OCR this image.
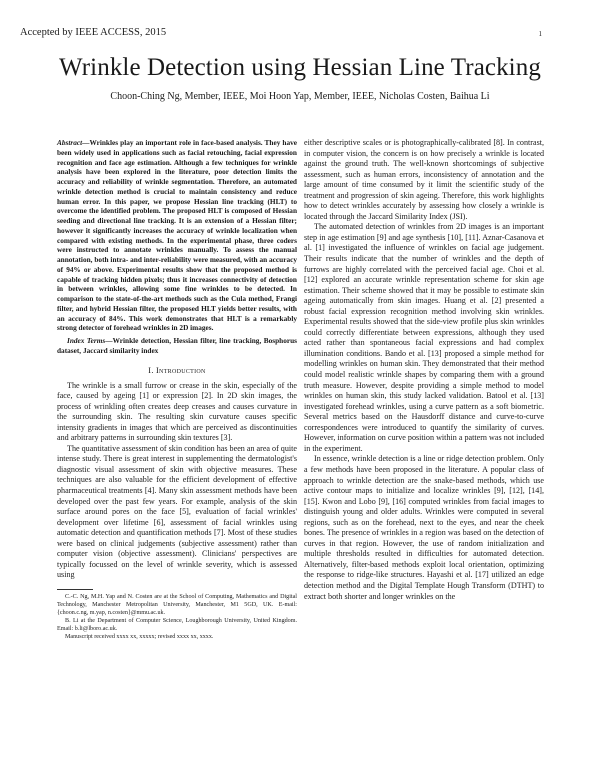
Accepted by IEEE ACCESS, 2015	1
Wrinkle Detection using Hessian Line Tracking
Choon-Ching Ng, Member, IEEE, Moi Hoon Yap, Member, IEEE, Nicholas Costen, Baihua Li
Abstract—Wrinkles play an important role in face-based analysis. They have been widely used in applications such as facial retouching, facial expression recognition and face age estimation. Although a few techniques for wrinkle analysis have been explored in the literature, poor detection limits the accuracy and reliability of wrinkle segmentation. Therefore, an automated wrinkle detection method is crucial to maintain consistency and reduce human error. In this paper, we propose Hessian line tracking (HLT) to overcome the identified problem. The proposed HLT is composed of Hessian seeding and directional line tracking. It is an extension of a Hessian filter; however it significantly increases the accuracy of wrinkle localization when compared with existing methods. In the experimental phase, three coders were instructed to annotate wrinkles manually. To assess the manual annotation, both intra- and inter-reliability were measured, with an accuracy of 94% or above. Experimental results show that the proposed method is capable of tracking hidden pixels; thus it increases connectivity of detection in between wrinkles, allowing some fine wrinkles to be detected. In comparison to the state-of-the-art methods such as the Cula method, Frangi filter, and hybrid Hessian filter, the proposed HLT yields better results, with an accuracy of 84%. This work demonstrates that HLT is a remarkably strong detector of forehead wrinkles in 2D images.
Index Terms—Wrinkle detection, Hessian filter, line tracking, Bosphorus dataset, Jaccard similarity index
I. Introduction

The wrinkle is a small furrow or crease in the skin, especially of the face, caused by ageing [1] or expression [2]. In 2D skin images, the process of wrinkling often creates deep creases and causes curvature in the surrounding skin. The resulting skin curvature causes specific intensity gradients in images that which are perceived as discontinuities and arbitrary patterns in surrounding skin textures [3].

The quantitative assessment of skin condition has been an area of quite intense study. There is great interest in supplementing the dermatologist's diagnostic visual assessment of skin with objective measures. These techniques are also valuable for the efficient development of effective pharmaceutical treatments [4]. Many skin assessment methods have been developed over the past few years. For example, analysis of the skin surface around pores on the face [5], evaluation of facial wrinkles' development over lifetime [6], assessment of facial wrinkles using automatic detection and quantification methods [7]. Most of these studies were based on clinical judgements (subjective assessment) rather than computer vision (objective assessment). Clinicians' perspectives are typically focussed on the level of wrinkle severity, which is assessed using

C.-C. Ng, M.H. Yap and N. Costen are at the School of Computing, Mathematics and Digital Technology, Manchester Metropolitan University, Manchester, M1 5GD, UK. E-mail: {choon.c.ng, m.yap, n.costen}@mmu.ac.uk.
B. Li at the Department of Computer Science, Loughborough University, United Kingdom. Email: b.li@lboro.ac.uk.
Manuscript received xxxx xx, xxxxx; revised xxxx xx, xxxx.

either descriptive scales or is photographically-calibrated [8]. In contrast, in computer vision, the concern is on how precisely a wrinkle is located against the ground truth. The well-known shortcomings of subjective assessment, such as human errors, inconsistency of annotation and the large amount of time consumed by it limit the scientific study of the treatment and progression of skin ageing. Therefore, this work highlights how to detect wrinkles accurately by assessing how closely a wrinkle is located through the Jaccard Similarity Index (JSI).

The automated detection of wrinkles from 2D images is an important step in age estimation [9] and age synthesis [10], [11]. Aznar-Casanova et al. [1] investigated the influence of wrinkles on facial age judgement. Their results indicate that the number of wrinkles and the depth of furrows are highly correlated with the perceived facial age. Choi et al. [12] explored an accurate wrinkle representation scheme for skin age estimation. Their scheme showed that it may be possible to estimate skin ageing automatically from skin images. Huang et al. [2] presented a robust facial expression recognition method involving skin wrinkles. Experimental results showed that the side-view profile plus skin wrinkles could correctly differentiate between expressions, although they used acted rather than spontaneous facial expressions and had complex illumination conditions. Bando et al. [13] proposed a simple method for modelling wrinkles on human skin. They demonstrated that their method could model realistic wrinkle shapes by comparing them with a ground truth measure. However, despite providing a simple method to model wrinkles on human skin, this study lacked validation. Batool et al. [13] investigated forehead wrinkles, using a curve pattern as a soft biometric. Several metrics based on the Hausdorff distance and curve-to-curve correspondences were introduced to quantify the similarity of curves. However, information on curve position within a pattern was not included in the experiment.

In essence, wrinkle detection is a line or ridge detection problem. Only a few methods have been proposed in the literature. A popular class of approach to wrinkle detection are the snake-based methods, which use active contour maps to initialize and localize wrinkles [9], [12], [14], [15]. Kwon and Lobo [9], [16] computed wrinkles from facial images to distinguish young and older adults. Wrinkles were computed in several regions, such as on the forehead, next to the eyes, and near the cheek bones. The presence of wrinkles in a region was based on the detection of curves in that region. However, the use of random initialization and multiple thresholds resulted in difficulties for automated detection. Alternatively, filter-based methods exploit local orientation, optimizing the response to ridge-like structures. Hayashi et al. [17] utilized an edge detection method and the Digital Template Hough Transform (DTHT) to extract both shorter and longer wrinkles on the
